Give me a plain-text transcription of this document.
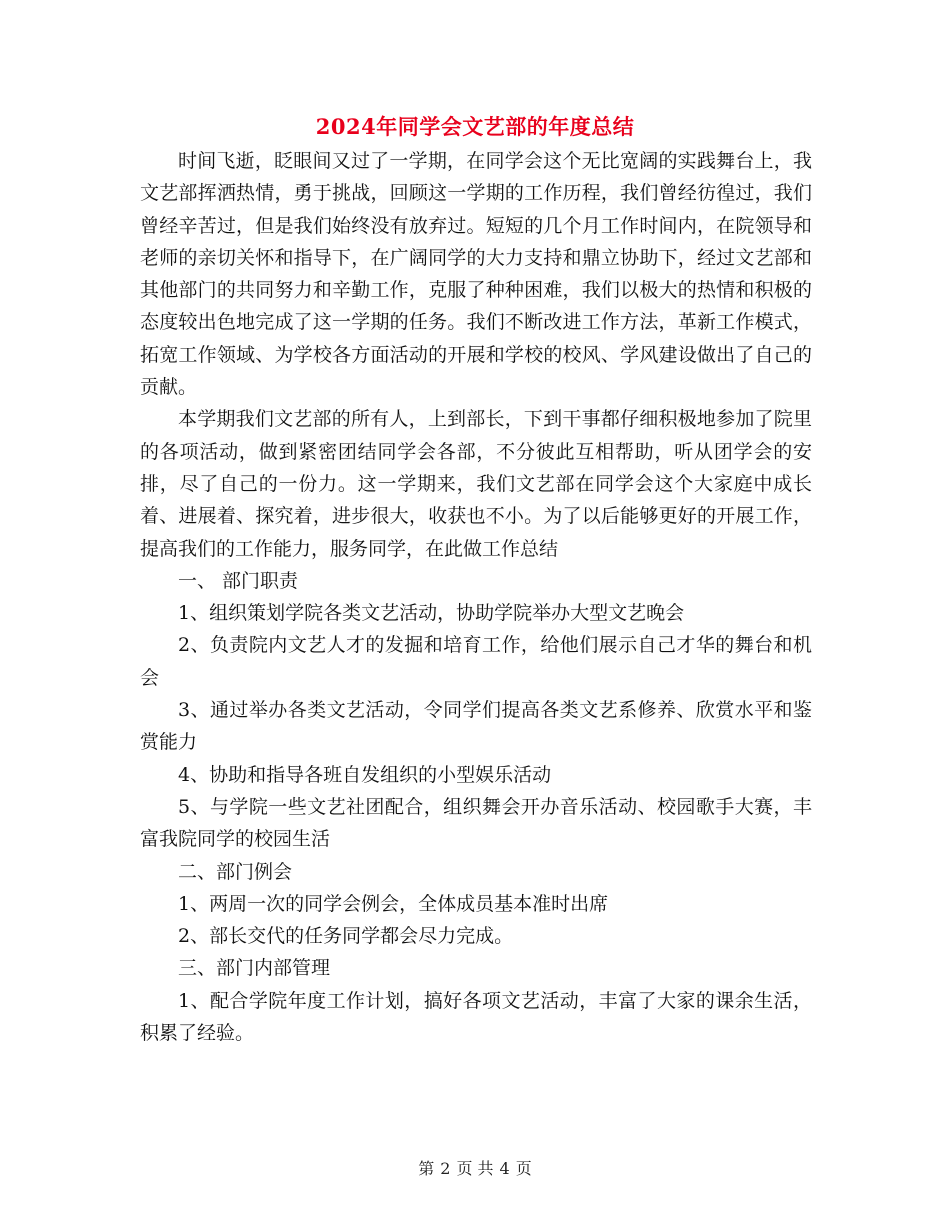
2024年同学会文艺部的年度总结

时间飞逝，眨眼间又过了一学期，在同学会这个无比宽阔的实践舞台上，我文艺部挥洒热情，勇于挑战，回顾这一学期的工作历程，我们曾经彷徨过，我们曾经辛苦过，但是我们始终没有放弃过。短短的几个月工作时间内，在院领导和老师的亲切关怀和指导下，在广阔同学的大力支持和鼎立协助下，经过文艺部和其他部门的共同努力和辛勤工作，克服了种种困难，我们以极大的热情和积极的态度较出色地完成了这一学期的任务。我们不断改进工作方法，革新工作模式，拓宽工作领域、为学校各方面活动的开展和学校的校风、学风建设做出了自己的贡献。

本学期我们文艺部的所有人，上到部长，下到干事都仔细积极地参加了院里的各项活动，做到紧密团结同学会各部，不分彼此互相帮助，听从团学会的安排，尽了自己的一份力。这一学期来，我们文艺部在同学会这个大家庭中成长着、进展着、探究着，进步很大，收获也不小。为了以后能够更好的开展工作，提高我们的工作能力，服务同学，在此做工作总结

一、 部门职责

1、组织策划学院各类文艺活动，协助学院举办大型文艺晚会

2、负责院内文艺人才的发掘和培育工作，给他们展示自己才华的舞台和机会

3、通过举办各类文艺活动，令同学们提高各类文艺系修养、欣赏水平和鉴赏能力

4、协助和指导各班自发组织的小型娱乐活动

5、与学院一些文艺社团配合，组织舞会开办音乐活动、校园歌手大赛，丰富我院同学的校园生活

二、部门例会

1、两周一次的同学会例会，全体成员基本准时出席

2、部长交代的任务同学都会尽力完成。

三、部门内部管理

1、配合学院年度工作计划，搞好各项文艺活动，丰富了大家的课余生活，积累了经验。

第 2 页 共 4 页
